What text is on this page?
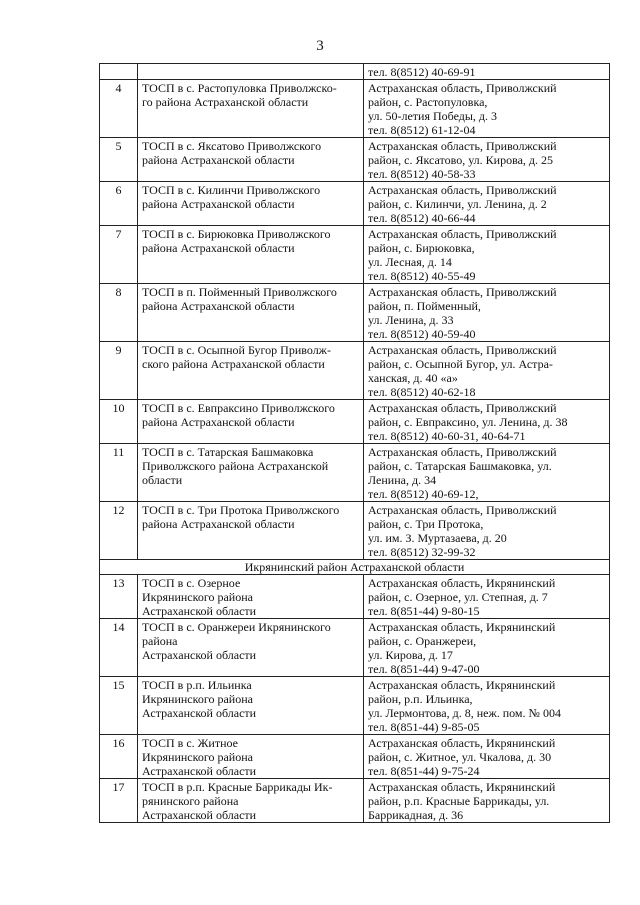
3

		тел. 8(8512) 40-69-91

4	ТОСП в с. Растопуловка Приволжско-
го района Астраханской области	Астраханская область, Приволжский
район, с. Растопуловка,
ул. 50-летия Победы, д. 3
тел. 8(8512) 61-12-04

5	ТОСП в с. Яксатово Приволжского
района Астраханской области	Астраханская область, Приволжский
район, с. Яксатово, ул. Кирова, д. 25
тел. 8(8512) 40-58-33

6	ТОСП в с. Килинчи Приволжского
района Астраханской области	Астраханская область, Приволжский
район, с. Килинчи, ул. Ленина, д. 2
тел. 8(8512) 40-66-44

7	ТОСП в с. Бирюковка Приволжского
района Астраханской области	Астраханская область, Приволжский
район, с. Бирюковка,
ул. Лесная, д. 14
тел. 8(8512) 40-55-49

8	ТОСП в п. Пойменный Приволжского
района Астраханской области	Астраханская область, Приволжский
район, п. Пойменный,
ул. Ленина, д. 33
тел. 8(8512) 40-59-40

9	ТОСП в с. Осыпной Бугор Приволж-
ского района Астраханской области	Астраханская область, Приволжский
район, с. Осыпной Бугор, ул. Астра-
ханская, д. 40 «а»
тел. 8(8512) 40-62-18

10	ТОСП в с. Евпраксино Приволжского
района Астраханской области	Астраханская область, Приволжский
район, с. Евпраксино, ул. Ленина, д. 38
тел. 8(8512) 40-60-31, 40-64-71

11	ТОСП в с. Татарская Башмаковка
Приволжского района Астраханской
области	Астраханская область, Приволжский
район, с. Татарская Башмаковка, ул.
Ленина, д. 34
тел. 8(8512) 40-69-12,

12	ТОСП в с. Три Протока Приволжского
района Астраханской области	Астраханская область, Приволжский
район, с. Три Протока,
ул. им. З. Муртазаева, д. 20
тел. 8(8512) 32-99-32

Икрянинский район Астраханской области		
13	ТОСП в с. Озерное
Икрянинского района
Астраханской области	Астраханская область, Икрянинский
район, с. Озерное, ул. Степная, д. 7
тел. 8(851-44) 9-80-15

14	ТОСП в с. Оранжереи Икрянинского
района
Астраханской области	Астраханская область, Икрянинский
район, с. Оранжереи,
ул. Кирова, д. 17
тел. 8(851-44) 9-47-00

15	ТОСП в р.п. Ильинка
Икрянинского района
Астраханской области	Астраханская область, Икрянинский
район, р.п. Ильинка,
ул. Лермонтова, д. 8, неж. пом. № 004
тел. 8(851-44) 9-85-05

16	ТОСП в с. Житное
Икрянинского района
Астраханской области	Астраханская область, Икрянинский
район, с. Житное, ул. Чкалова, д. 30
тел. 8(851-44) 9-75-24

17	ТОСП в р.п. Красные Баррикады Ик-
рянинского района
Астраханской области	Астраханская область, Икрянинский
район, р.п. Красные Баррикады, ул.
Баррикадная, д. 36
